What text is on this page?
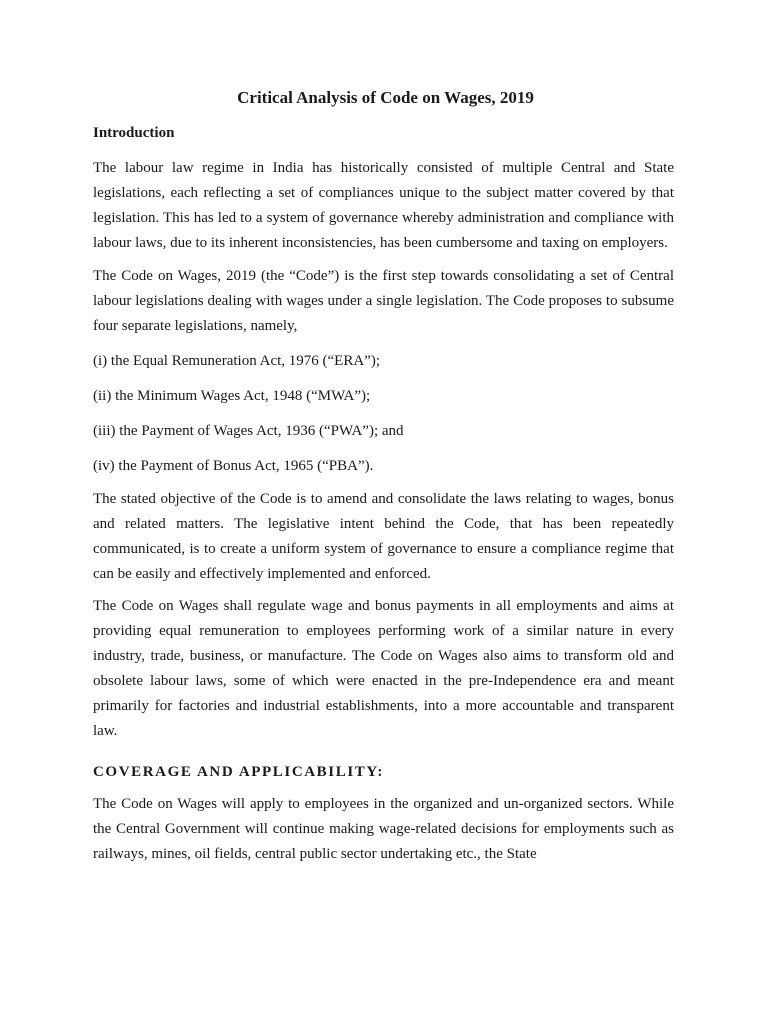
Critical Analysis of Code on Wages, 2019
Introduction

The labour law regime in India has historically consisted of multiple Central and State legislations, each reflecting a set of compliances unique to the subject matter covered by that legislation. This has led to a system of governance whereby administration and compliance with labour laws, due to its inherent inconsistencies, has been cumbersome and taxing on employers.

The Code on Wages, 2019 (the “Code”) is the first step towards consolidating a set of Central labour legislations dealing with wages under a single legislation. The Code proposes to subsume four separate legislations, namely,

(i) the Equal Remuneration Act, 1976 (“ERA”);

(ii) the Minimum Wages Act, 1948 (“MWA”);

(iii) the Payment of Wages Act, 1936 (“PWA”); and

(iv) the Payment of Bonus Act, 1965 (“PBA”).

The stated objective of the Code is to amend and consolidate the laws relating to wages, bonus and related matters. The legislative intent behind the Code, that has been repeatedly communicated, is to create a uniform system of governance to ensure a compliance regime that can be easily and effectively implemented and enforced.

The Code on Wages shall regulate wage and bonus payments in all employments and aims at providing equal remuneration to employees performing work of a similar nature in every industry, trade, business, or manufacture. The Code on Wages also aims to transform old and obsolete labour laws, some of which were enacted in the pre-Independence era and meant primarily for factories and industrial establishments, into a more accountable and transparent law.

COVERAGE AND APPLICABILITY:

The Code on Wages will apply to employees in the organized and un-organized sectors. While the Central Government will continue making wage-related decisions for employments such as railways, mines, oil fields, central public sector undertaking etc., the State
